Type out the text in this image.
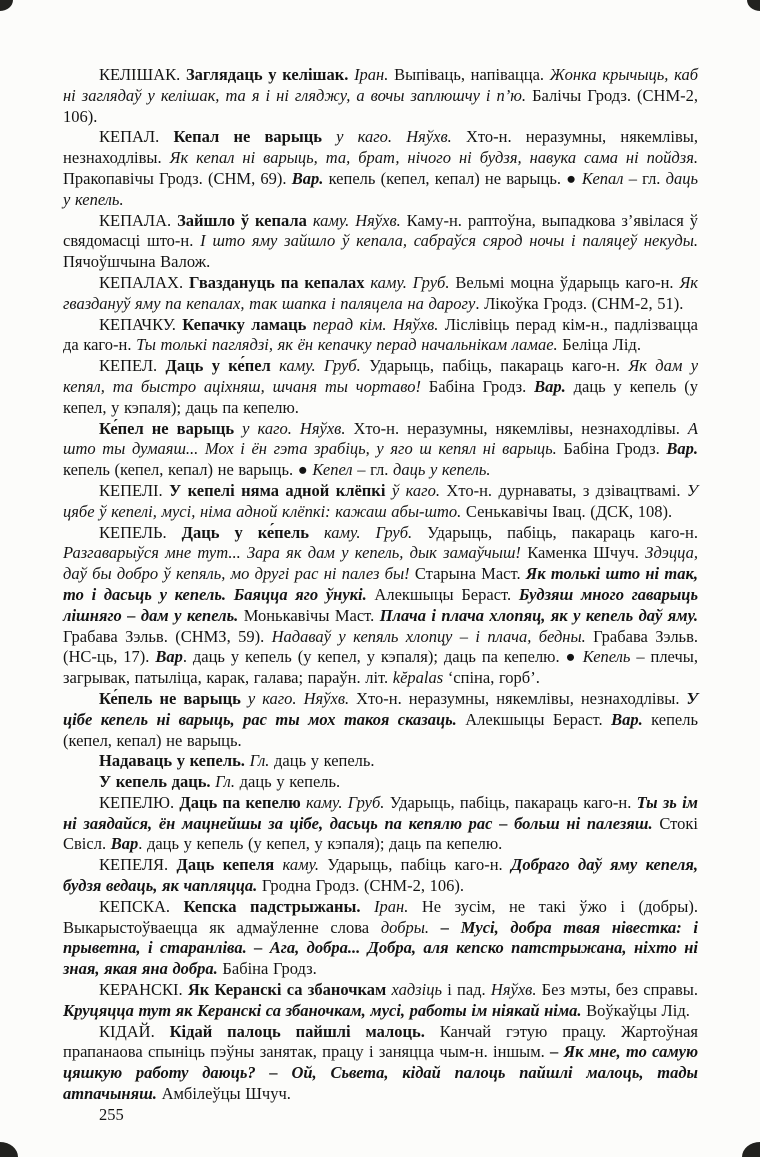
КЕЛІШАК. Заглядаць у келішак. Іран. Выпіваць, напівацца. Жонка крычыць, каб ні заглядаў у келішак, та я і ні гляджу, а вочы заплюшчу і п’ю. Балічы Гродз. (СНМ-2, 106).

КЕПАЛ. Кепал не варыць у каго. Няўхв. Хто-н. неразумны, някемлівы, незнаходлівы. Як кепал ні варыць, та, брат, нічого ні будзя, навука сама ні пойдзя. Пракопавічы Гродз. (СНМ, 69). Вар. кепель (кепел, кепал) не варыць. ● Кепал – гл. даць у кепель.

КЕПАЛА. Зайшло ў кепала каму. Няўхв. Каму-н. раптоўна, выпадкова з’явілася ў свядомасці што-н. І што яму зайшло ў кепала, сабраўся сярод ночы і паляцеў некуды. Пячоўшчына Валож.

КЕПАЛАХ. Гваздануць па кепалах каму. Груб. Вельмі моцна ўдарыць каго-н. Як гваздануў яму па кепалах, так шапка і паляцела на дарогу. Лікоўка Гродз. (СНМ-2, 51).

КЕПАЧКУ. Кепачку ламаць перад кім. Няўхв. Ліслівіць перад кім-н., падлізвацца да каго-н. Ты толькі паглядзі, як ён кепачку перад начальнікам ламае. Беліца Лід.

КЕПЕЛ. Даць у ке́пел каму. Груб. Ударыць, пабіць, пакараць каго-н. Як дам у кепял, та быстро аціхняш, шчаня ты чортаво! Бабіна Гродз. Вар. даць у кепель (у кепел, у кэпаля); даць па кепелю.

Ке́пел не варыць у каго. Няўхв. Хто-н. неразумны, някемлівы, незнаходлівы. А што ты думаяш... Мох і ён гэта зрабіць, у яго ш кепял ні варыць. Бабіна Гродз. Вар. кепель (кепел, кепал) не варыць. ● Кепел – гл. даць у кепель.

КЕПЕЛІ. У кепелі няма адной клёпкі ў каго. Хто-н. дурнаваты, з дзівацтвамі. У цябе ў кепелі, мусі, німа адной клёпкі: кажаш абы-што. Сенькавічы Івац. (ДСК, 108).

КЕПЕЛЬ. Даць у ке́пель каму. Груб. Ударыць, пабіць, пакараць каго-н. Разгаварыўся мне тут... Зара як дам у кепель, дык замаўчыш! Каменка Шчуч. Здэцца, даў бы добро ў кепяль, мо другі рас ні палез бы! Старына Маст. Як толькі што ні так, то і дасьць у кепель. Баяцца яго ўнукі. Алекшыцы Бераст. Будзяш много гаварыць лішняго – дам у кепель. Монькавічы Маст. Плача і плача хлопяц, як у кепель даў яму. Грабава Зэльв. (СНМЗ, 59). Надаваў у кепяль хлопцу – і плача, бедны. Грабава Зэльв. (НС-ць, 17). Вар. даць у кепель (у кепел, у кэпаля); даць па кепелю. ● Кепель – плечы, загрывак, патыліца, карак, галава; параўн. літ. kĕpalas ‘спіна, горб’.

Ке́пель не варыць у каго. Няўхв. Хто-н. неразумны, някемлівы, незнаходлівы. У цібе кепель ні варыць, рас ты мох такоя сказаць. Алекшыцы Бераст. Вар. кепель (кепел, кепал) не варыць.

Надаваць у кепель. Гл. даць у кепель.

У кепель даць. Гл. даць у кепель.

КЕПЕЛЮ. Даць па кепелю каму. Груб. Ударыць, пабіць, пакараць каго-н. Ты зь ім ні заядайся, ён мацнейшы за цібе, дасьць па кепялю рас – больш ні палезяш. Стокі Свісл. Вар. даць у кепель (у кепел, у кэпаля); даць па кепелю.

КЕПЕЛЯ. Даць кепеля каму. Ударыць, пабіць каго-н. Добраго даў яму кепеля, будзя ведаць, як чапляцца. Гродна Гродз. (СНМ-2, 106).

КЕПСКА. Кепска падстрыжаны. Іран. Не зусім, не такі ўжо і (добры). Выкарыстоўваецца як адмаўленне слова добры. – Мусі, добра твая нівестка: і прыветна, і старанліва. – Ага, добра... Добра, аля кепско патстрыжана, ніхто ні зная, якая яна добра. Бабіна Гродз.

КЕРАНСКІ. Як Керанскі са збаночкам хадзіць і пад. Няўхв. Без мэты, без справы. Круцяцца тут як Керанскі са збаночкам, мусі, работы ім ніякай німа. Воўкаўцы Лід.

КІДАЙ. Кідай палоць пайшлі малоць. Канчай гэтую працу. Жартоўная прапанаова спыніць пэўны занятак, працу і заняцца чым-н. іншым. – Як мне, то самую цяшкую работу даюць? – Ой, Сьвета, кідай палоць пайшлі малоць, тады атпачыняш. Амбілеўцы Шчуч.

255
